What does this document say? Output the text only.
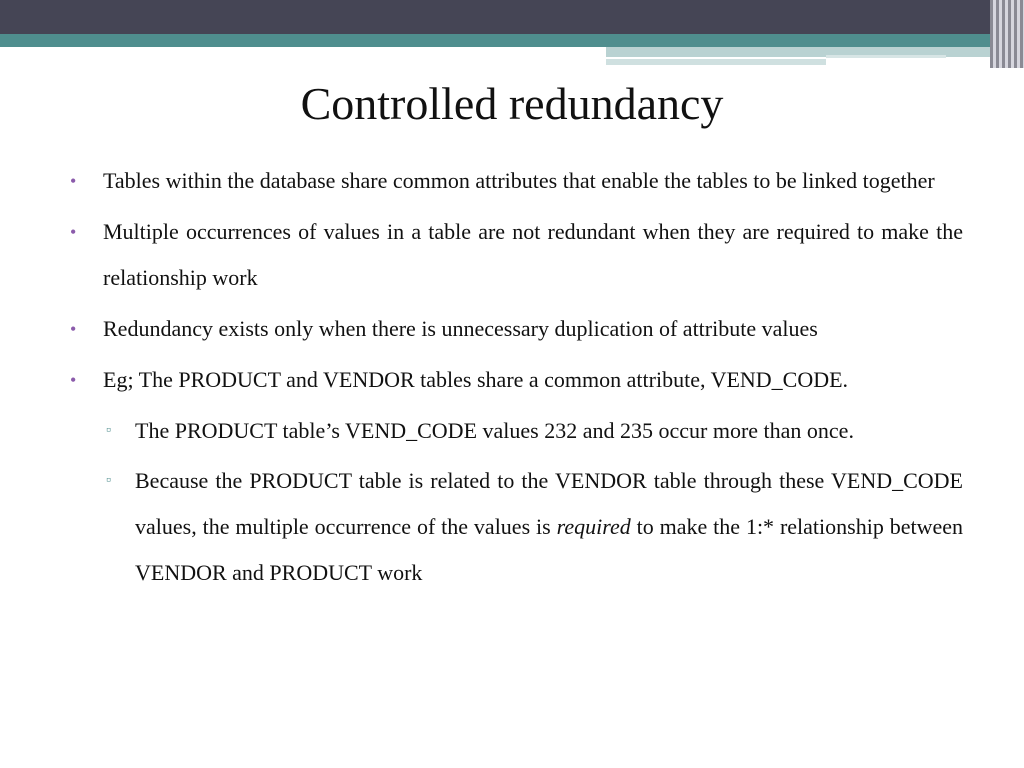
Controlled redundancy
• Tables within the database share common attributes that enable the tables to be linked together
• Multiple occurrences of values in a table are not redundant when they are required to make the relationship work
• Redundancy exists only when there is unnecessary duplication of attribute values
• Eg; The PRODUCT and VENDOR tables share a common attribute, VEND_CODE.
▫ The PRODUCT table’s VEND_CODE values 232 and 235 occur more than once.
▫ Because the PRODUCT table is related to the VENDOR table through these VEND_CODE values, the multiple occurrence of the values is required to make the 1:* relationship between VENDOR and PRODUCT work
